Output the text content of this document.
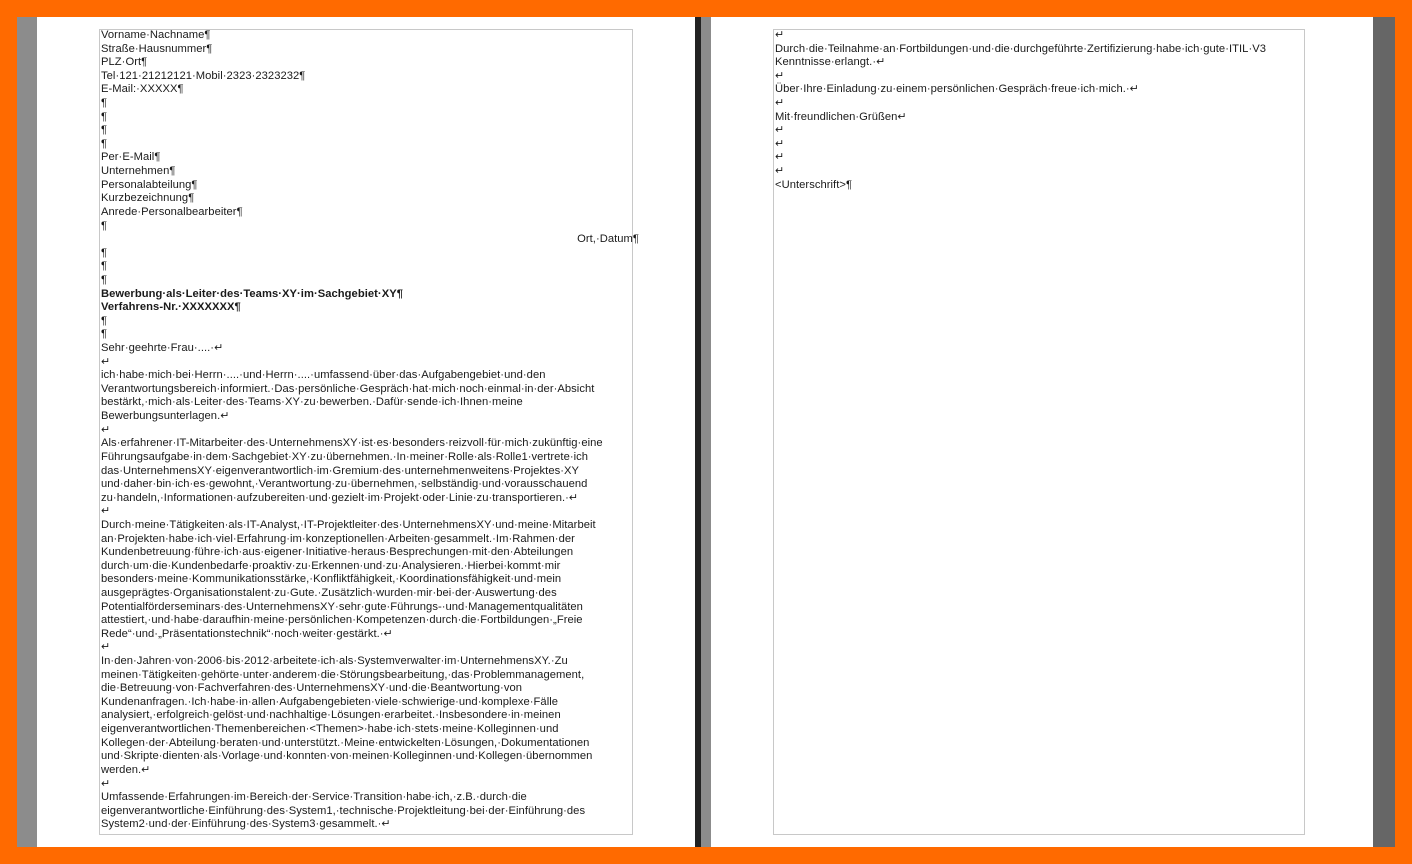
Vorname·Nachname¶
Straße·Hausnummer¶
PLZ·Ort¶
Tel·121·21212121·Mobil·2323·2323232¶
E-Mail:·XXXXX¶
¶
¶
¶
¶
Per·E-Mail¶
Unternehmen¶
Personalabteilung¶
Kurzbezeichnung¶
Anrede·Personalbearbeiter¶
¶
Ort,·Datum¶
¶
¶
¶
Bewerbung·als·Leiter·des·Teams·XY·im·Sachgebiet·XY¶
Verfahrens-Nr.·XXXXXXX¶
¶
¶
Sehr·geehrte·Frau·....·↵
↵
ich·habe·mich·bei·Herrn·....·und·Herrn·....·umfassend·über·das·Aufgabengebiet·und·den
Verantwortungsbereich·informiert.·Das·persönliche·Gespräch·hat·mich·noch·einmal·in·der·Absicht
bestärkt,·mich·als·Leiter·des·Teams·XY·zu·bewerben.·Dafür·sende·ich·Ihnen·meine
Bewerbungsunterlagen.↵
↵
Als·erfahrener·IT-Mitarbeiter·des·UnternehmensXY·ist·es·besonders·reizvoll·für·mich·zukünftig·eine
Führungsaufgabe·in·dem·Sachgebiet·XY·zu·übernehmen.·In·meiner·Rolle·als·Rolle1·vertrete·ich
das·UnternehmensXY·eigenverantwortlich·im·Gremium·des·unternehmenweitens·Projektes·XY
und·daher·bin·ich·es·gewohnt,·Verantwortung·zu·übernehmen,·selbständig·und·vorausschauend
zu·handeln,·Informationen·aufzubereiten·und·gezielt·im·Projekt·oder·Linie·zu·transportieren.·↵
↵
Durch·meine·Tätigkeiten·als·IT-Analyst,·IT-Projektleiter·des·UnternehmensXY·und·meine·Mitarbeit
an·Projekten·habe·ich·viel·Erfahrung·im·konzeptionellen·Arbeiten·gesammelt.·Im·Rahmen·der
Kundenbetreuung·führe·ich·aus·eigener·Initiative·heraus·Besprechungen·mit·den·Abteilungen
durch·um·die·Kundenbedarfe·proaktiv·zu·Erkennen·und·zu·Analysieren.·Hierbei·kommt·mir
besonders·meine·Kommunikationsstärke,·Konfliktfähigkeit,·Koordinationsfähigkeit·und·mein
ausgeprägtes·Organisationstalent·zu·Gute.·Zusätzlich·wurden·mir·bei·der·Auswertung·des
Potentialförderseminars·des·UnternehmensXY·sehr·gute·Führungs-·und·Managementqualitäten
attestiert,·und·habe·daraufhin·meine·persönlichen·Kompetenzen·durch·die·Fortbildungen·„Freie
Rede“·und·„Präsentationstechnik“·noch·weiter·gestärkt.·↵
↵
In·den·Jahren·von·2006·bis·2012·arbeitete·ich·als·Systemverwalter·im·UnternehmensXY.·Zu
meinen·Tätigkeiten·gehörte·unter·anderem·die·Störungsbearbeitung,·das·Problemmanagement,
die·Betreuung·von·Fachverfahren·des·UnternehmensXY·und·die·Beantwortung·von
Kundenanfragen.·Ich·habe·in·allen·Aufgabengebieten·viele·schwierige·und·komplexe·Fälle
analysiert,·erfolgreich·gelöst·und·nachhaltige·Lösungen·erarbeitet.·Insbesondere·in·meinen
eigenverantwortlichen·Themenbereichen·<Themen>·habe·ich·stets·meine·Kolleginnen·und
Kollegen·der·Abteilung·beraten·und·unterstützt.·Meine·entwickelten·Lösungen,·Dokumentationen
und·Skripte·dienten·als·Vorlage·und·konnten·von·meinen·Kolleginnen·und·Kollegen·übernommen
werden.↵
↵
Umfassende·Erfahrungen·im·Bereich·der·Service·Transition·habe·ich,·z.B.·durch·die
eigenverantwortliche·Einführung·des·System1,·technische·Projektleitung·bei·der·Einführung·des
System2·und·der·Einführung·des·System3·gesammelt.·↵
↵
Durch·die·Teilnahme·an·Fortbildungen·und·die·durchgeführte·Zertifizierung·habe·ich·gute·ITIL·V3
Kenntnisse·erlangt.·↵
↵
Über·Ihre·Einladung·zu·einem·persönlichen·Gespräch·freue·ich·mich.·↵
↵
Mit·freundlichen·Grüßen↵
↵
↵
↵
↵
<Unterschrift>¶
